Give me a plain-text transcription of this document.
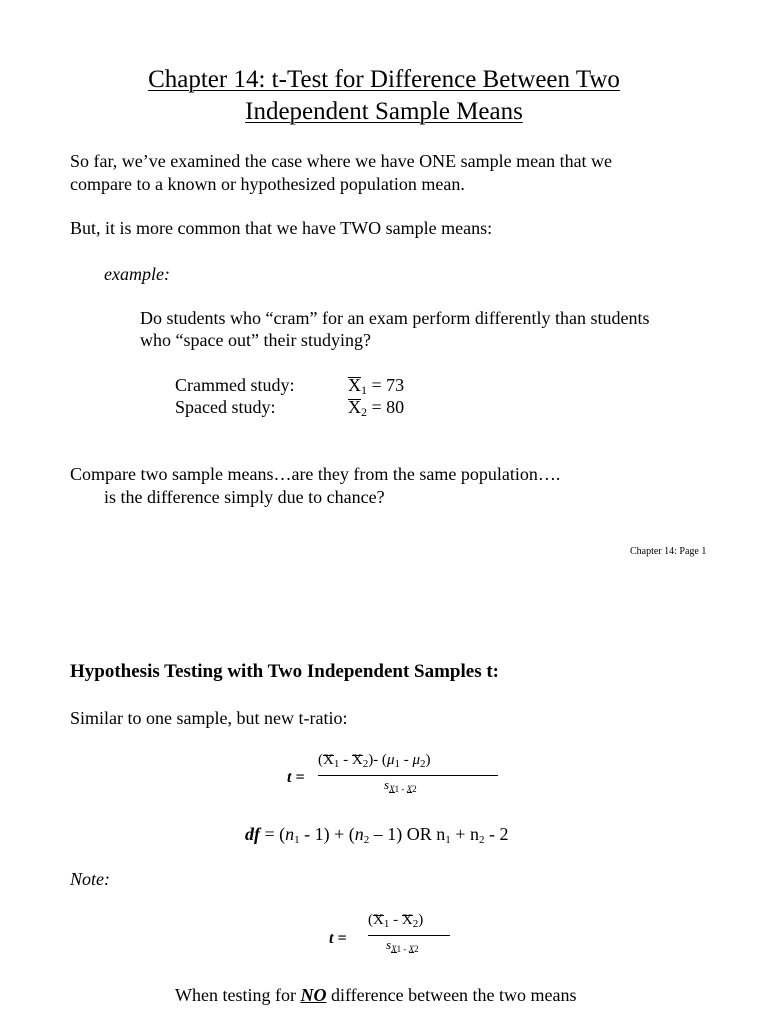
Chapter 14: t-Test for Difference Between Two
Independent Sample Means
So far, we’ve examined the case where we have ONE sample mean that we
compare to a known or hypothesized population mean.
But, it is more common that we have TWO sample means:
example:
Do students who “cram” for an exam perform differently than students
who “space out” their studying?
Crammed study:	$X_1 = 73$
Spaced study:	$X_2 = 80$
Compare two sample means…are they from the same population….
is the difference simply due to chance?
Chapter 14: Page 1
Hypothesis Testing with Two Independent Samples t:
Similar to one sample, but new t-ratio:
t =
$(X_1 - X_2)-$ $(\mu_1 - \mu_2)$
$s_{X1 - X2}$
df = $(n_1 - 1) + (n_2 - 1)$ OR $n_1 + n_2 - 2$
Note:
t =
$(X_1 - X_2)$
$s_{X1 - X2}$
When testing for NO difference between the two means
